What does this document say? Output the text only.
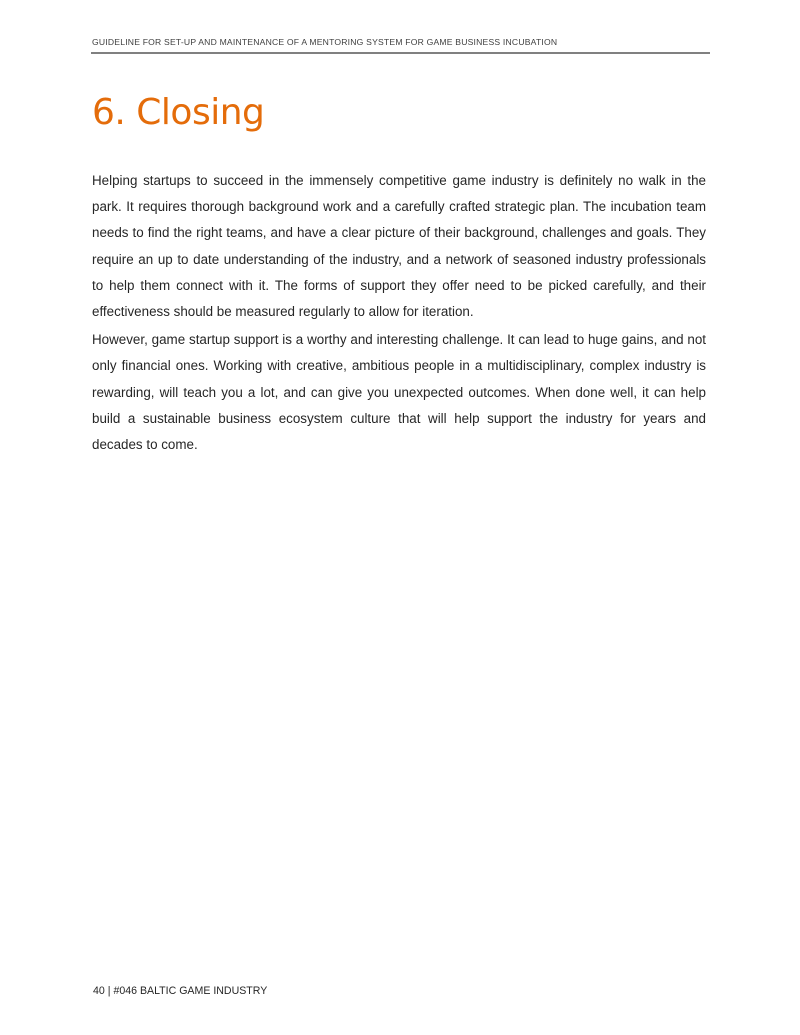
GUIDELINE FOR SET-UP AND MAINTENANCE OF A MENTORING SYSTEM FOR GAME BUSINESS INCUBATION
6. Closing

Helping startups to succeed in the immensely competitive game industry is definitely no walk in the park. It requires thorough background work and a carefully crafted strategic plan. The incubation team needs to find the right teams, and have a clear picture of their background, challenges and goals. They require an up to date understanding of the industry, and a network of seasoned industry professionals to help them connect with it. The forms of support they offer need to be picked carefully, and their effectiveness should be measured regularly to allow for iteration.

However, game startup support is a worthy and interesting challenge. It can lead to huge gains, and not only financial ones. Working with creative, ambitious people in a multidisciplinary, complex industry is rewarding, will teach you a lot, and can give you unexpected outcomes. When done well, it can help build a sustainable business ecosystem culture that will help support the industry for years and decades to come.

40 | #046 BALTIC GAME INDUSTRY
